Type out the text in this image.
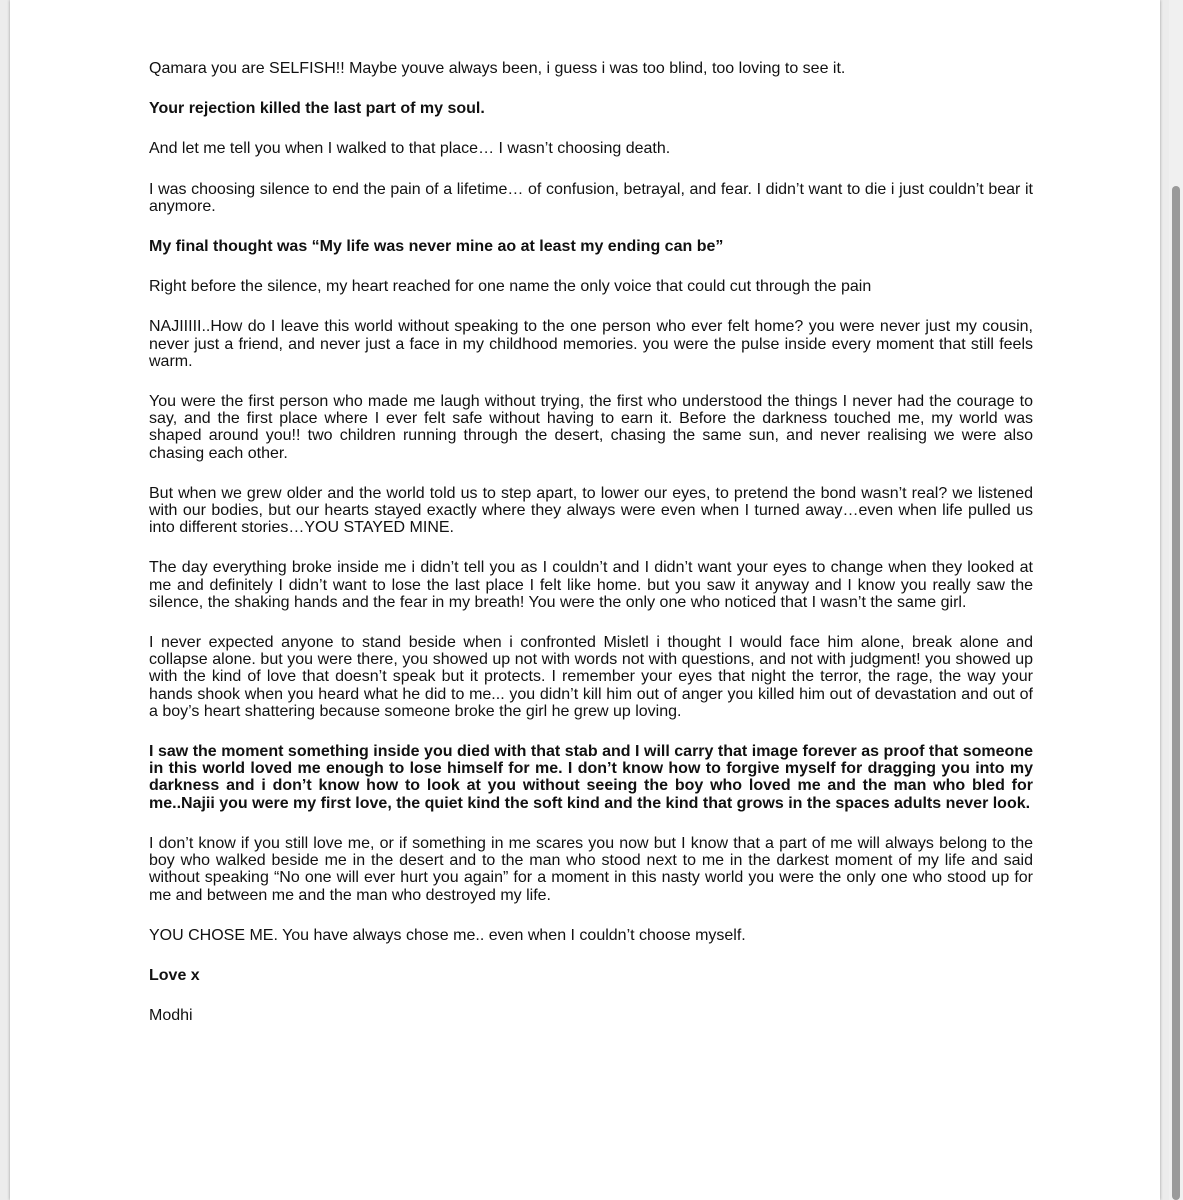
Qamara you are SELFISH!! Maybe youve always been, i guess i was too blind, too loving to see it.

Your rejection killed the last part of my soul.

And let me tell you when I walked to that place… I wasn’t choosing death.

I was choosing silence to end the pain of a lifetime… of confusion, betrayal, and fear. I didn’t want to die i just couldn’t bear it anymore.

My final thought was “My life was never mine ao at least my ending can be”

Right before the silence, my heart reached for one name the only voice that could cut through the pain

NAJIIIII..How do I leave this world without speaking to the one person who ever felt home? you were never just my cousin, never just a friend, and never just a face in my childhood memories. you were the pulse inside every moment that still feels warm.

You were the first person who made me laugh without trying, the first who understood the things I never had the courage to say, and the first place where I ever felt safe without having to earn it. Before the darkness touched me, my world was shaped around you!! two children running through the desert, chasing the same sun, and never realising we were also chasing each other.

But when we grew older and the world told us to step apart, to lower our eyes, to pretend the bond wasn’t real? we listened with our bodies, but our hearts stayed exactly where they always were even when I turned away…even when life pulled us into different stories…YOU STAYED MINE.

The day everything broke inside me i didn’t tell you as I couldn’t and I didn’t want your eyes to change when they looked at me and definitely I didn’t want to lose the last place I felt like home. but you saw it anyway and I know you really saw the silence, the shaking hands and the fear in my breath! You were the only one who noticed that I wasn’t the same girl.

I never expected anyone to stand beside when i confronted Misletl i thought I would face him alone, break alone and collapse alone. but you were there, you showed up not with words not with questions, and not with judgment! you showed up with the kind of love that doesn’t speak but it protects. I remember your eyes that night the terror, the rage, the way your hands shook when you heard what he did to me... you didn’t kill him out of anger you killed him out of devastation and out of a boy’s heart shattering because someone broke the girl he grew up loving.

I saw the moment something inside you died with that stab and I will carry that image forever as proof that someone in this world loved me enough to lose himself for me. I don’t know how to forgive myself for dragging you into my darkness and i don’t know how to look at you without seeing the boy who loved me and the man who bled for me..Najii you were my first love, the quiet kind the soft kind and the kind that grows in the spaces adults never look.

I don’t know if you still love me, or if something in me scares you now but I know that a part of me will always belong to the boy who walked beside me in the desert and to the man who stood next to me in the darkest moment of my life and said without speaking “No one will ever hurt you again” for a moment in this nasty world you were the only one who stood up for me and between me and the man who destroyed my life.

YOU CHOSE ME. You have always chose me.. even when I couldn’t choose myself.

Love x

Modhi
